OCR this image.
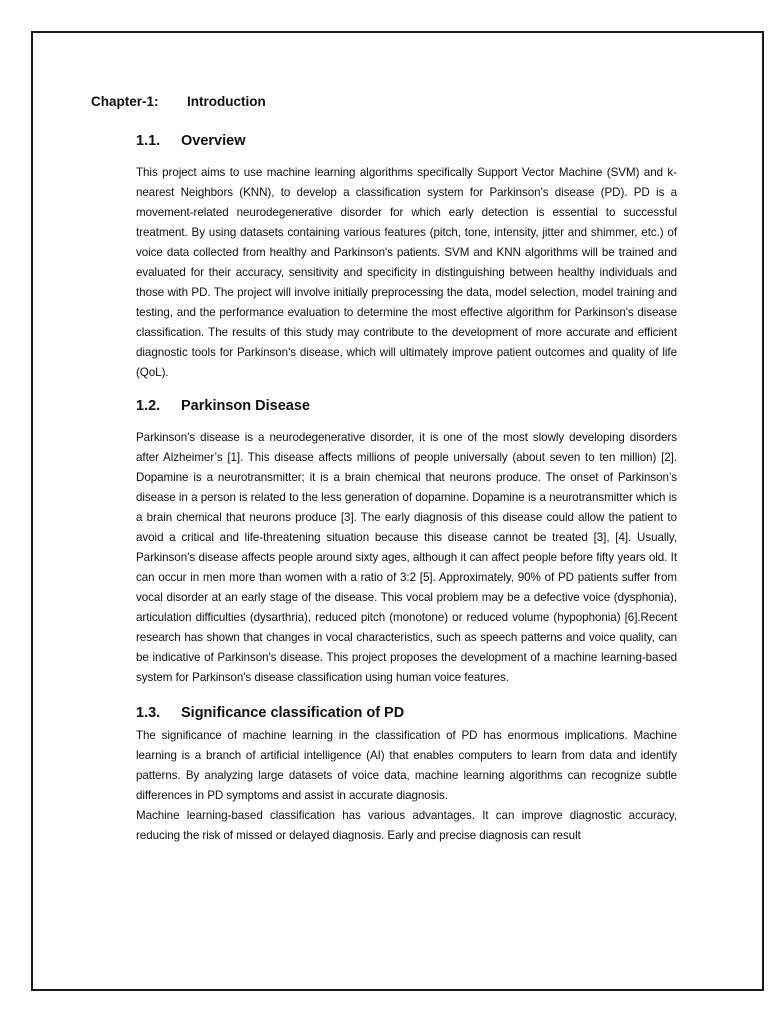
Chapter-1: Introduction
1.1. Overview

This project aims to use machine learning algorithms specifically Support Vector Machine (SVM) and k-nearest Neighbors (KNN), to develop a classification system for Parkinson's disease (PD). PD is a movement-related neurodegenerative disorder for which early detection is essential to successful treatment. By using datasets containing various features (pitch, tone, intensity, jitter and shimmer, etc.) of voice data collected from healthy and Parkinson's patients. SVM and KNN algorithms will be trained and evaluated for their accuracy, sensitivity and specificity in distinguishing between healthy individuals and those with PD. The project will involve initially preprocessing the data, model selection, model training and testing, and the performance evaluation to determine the most effective algorithm for Parkinson's disease classification. The results of this study may contribute to the development of more accurate and efficient diagnostic tools for Parkinson's disease, which will ultimately improve patient outcomes and quality of life (QoL).

1.2. Parkinson Disease

Parkinson’s disease is a neurodegenerative disorder, it is one of the most slowly developing disorders after Alzheimer’s [1]. This disease affects millions of people universally (about seven to ten million) [2]. Dopamine is a neurotransmitter; it is a brain chemical that neurons produce. The onset of Parkinson’s disease in a person is related to the less generation of dopamine. Dopamine is a neurotransmitter which is a brain chemical that neurons produce [3]. The early diagnosis of this disease could allow the patient to avoid a critical and life-threatening situation because this disease cannot be treated [3], [4]. Usually, Parkinson’s disease affects people around sixty ages, although it can affect people before fifty years old. It can occur in men more than women with a ratio of 3:2 [5]. Approximately, 90% of PD patients suffer from vocal disorder at an early stage of the disease. This vocal problem may be a defective voice (dysphonia), articulation difficulties (dysarthria), reduced pitch (monotone) or reduced volume (hypophonia) [6].Recent research has shown that changes in vocal characteristics, such as speech patterns and voice quality, can be indicative of Parkinson's disease. This project proposes the development of a machine learning-based system for Parkinson's disease classification using human voice features.

1.3. Significance classification of PD

The significance of machine learning in the classification of PD has enormous implications. Machine learning is a branch of artificial intelligence (AI) that enables computers to learn from data and identify patterns. By analyzing large datasets of voice data, machine learning algorithms can recognize subtle differences in PD symptoms and assist in accurate diagnosis.

Machine learning-based classification has various advantages. It can improve diagnostic accuracy, reducing the risk of missed or delayed diagnosis. Early and precise diagnosis can result
